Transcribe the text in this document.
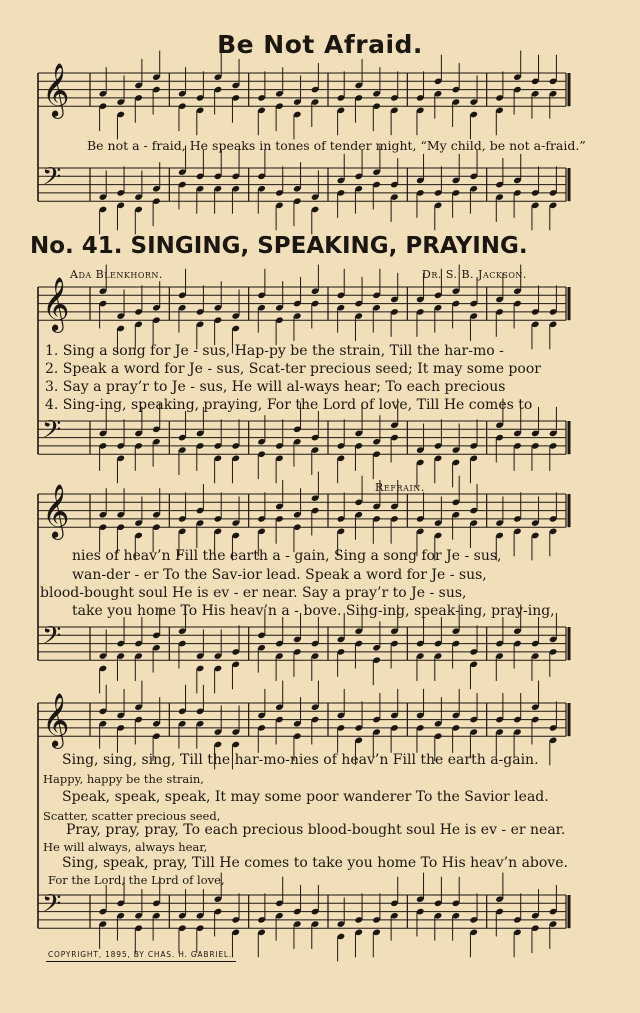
𝄞
𝄢
𝄞
𝄢
𝄞
𝄢
𝄞
𝄢
Be Not Afraid.
Be not a - fraid, He speaks in tones of tender might, “My child, be not a-fraid.”
No. 41. SINGING, SPEAKING, PRAYING.
Ada Blenkhorn.	Dr. S. B. Jackson.
1. Sing a song for Je - sus, Hap-py be the strain, Till the har-mo -
2. Speak a word for Je - sus, Scat-ter precious seed; It may some poor
3. Say a pray’r to Je - sus, He will al-ways hear; To each precious
4. Sing-ing, speaking, praying, For the Lord of love, Till He comes to
Refrain.
nies of heav’n Fill the earth a - gain, Sing a song for Je - sus,
wan-der - er To the Sav-ior lead. Speak a word for Je - sus,
blood-bought soul He is ev - er near. Say a pray’r to Je - sus,
take you home To His heav’n a - bove. Sing-ing, speak-ing, pray-ing,
Sing, sing, sing, Till the har-mo-nies of heav’n Fill the earth a-gain.
Happy, happy be the strain,
Speak, speak, speak, It may some poor wanderer To the Savior lead.
Scatter, scatter precious seed,
Pray, pray, pray, To each precious blood-bought soul He is ev - er near.
He will always, always hear,
Sing, speak, pray, Till He comes to take you home To His heav’n above.
For the Lord, the Lord of love,
COPYRIGHT, 1895, BY CHAS. H. GABRIEL.
